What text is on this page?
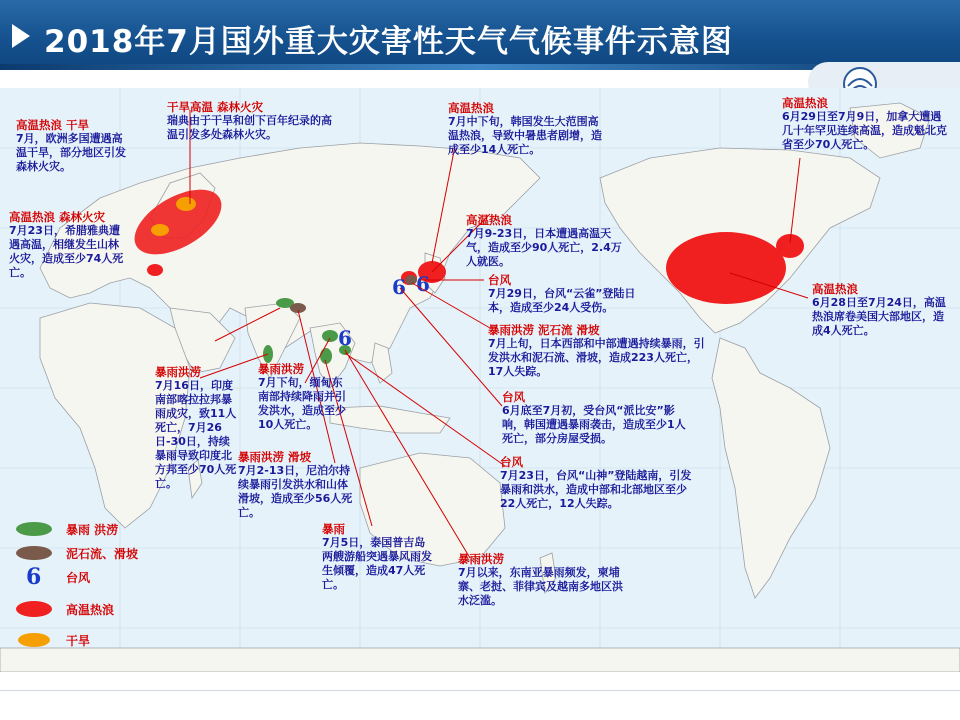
2018年7月国外重大灾害性天气气候事件示意图
6 6
6
高温热浪 干旱
7月，欧洲多国遭遇高温干旱，部分地区引发森林火灾。
干旱高温 森林火灾
瑞典由于干旱和创下百年纪录的高温引发多处森林火灾。
高温热浪 森林火灾
7月23日，希腊雅典遭遇高温，相继发生山林火灾，造成至少74人死亡。
高温热浪
7月中下旬，韩国发生大范围高温热浪，导致中暑患者剧增，造成至少14人死亡。
高温热浪
7月9-23日，日本遭遇高温天气，造成至少90人死亡，2.4万人就医。
台风
7月29日，台风“云雀”登陆日本，造成至少24人受伤。
暴雨洪涝 泥石流 滑坡
7月上旬，日本西部和中部遭遇持续暴雨，引发洪水和泥石流、滑坡，造成223人死亡，17人失踪。
台风
6月底至7月初，受台风“派比安”影响，韩国遭遇暴雨袭击，造成至少1人死亡，部分房屋受损。
台风
7月23日，台风“山神”登陆越南，引发暴雨和洪水，造成中部和北部地区至少22人死亡，12人失踪。
暴雨洪涝
7月以来，东南亚暴雨频发，柬埔寨、老挝、菲律宾及越南多地区洪水泛滥。
暴雨
7月5日，泰国普吉岛两艘游船突遇暴风雨发生倾覆，造成47人死亡。
暴雨洪涝 滑坡
7月2-13日，尼泊尔持续暴雨引发洪水和山体滑坡，造成至少56人死亡。
暴雨洪涝
7月下旬，缅甸东南部持续降雨并引发洪水，造成至少10人死亡。
暴雨洪涝
7月16日，印度南部喀拉拉邦暴雨成灾，致11人死亡，7月26日-30日，持续暴雨导致印度北方邦至少70人死亡。
高温热浪
6月29日至7月9日，加拿大遭遇几十年罕见连续高温，造成魁北克省至少70人死亡。
高温热浪
6月28日至7月24日，高温热浪席卷美国大部地区，造成4人死亡。
暴雨 洪涝
泥石流、滑坡
6 台风
高温热浪
干旱
